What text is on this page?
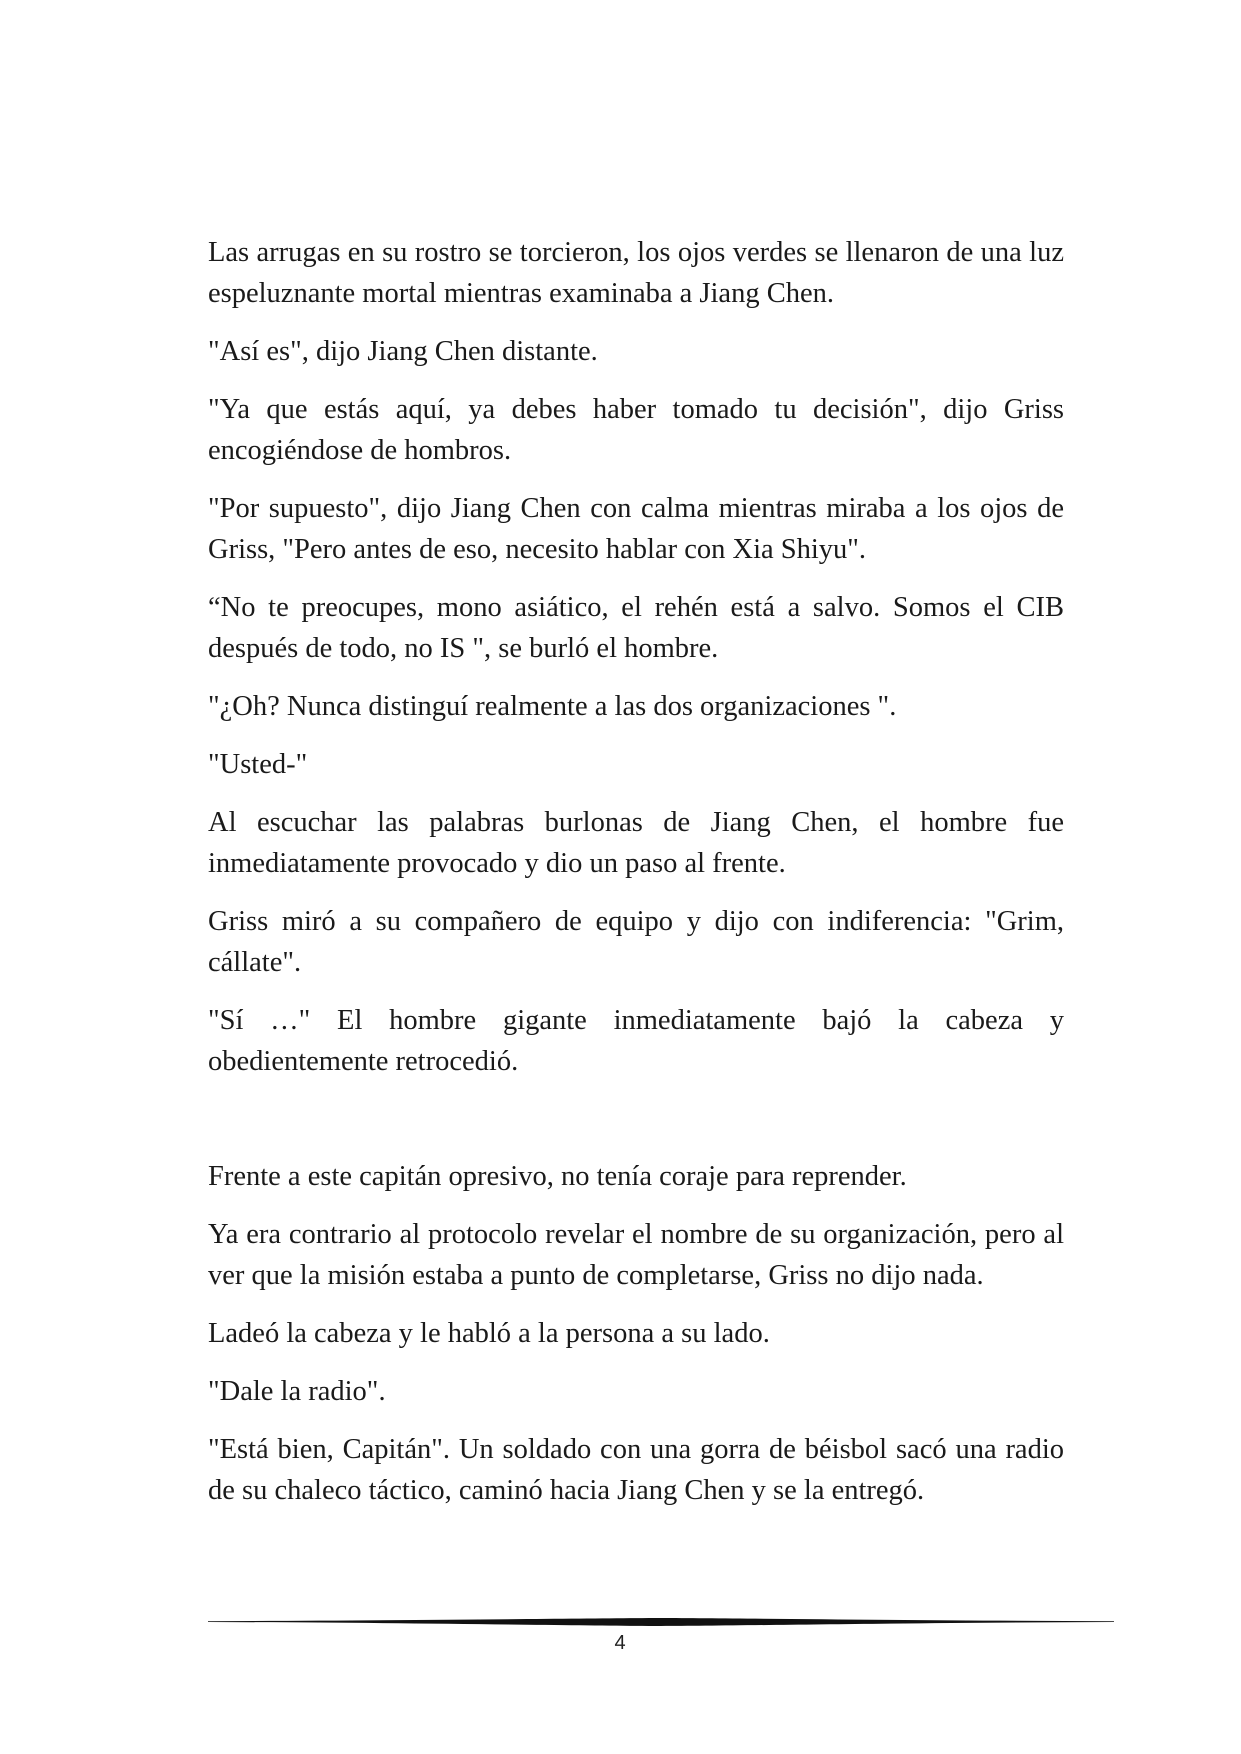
Las arrugas en su rostro se torcieron, los ojos verdes se llenaron de una luz espeluznante mortal mientras examinaba a Jiang Chen.

"Así es", dijo Jiang Chen distante.

"Ya que estás aquí, ya debes haber tomado tu decisión", dijo Griss encogiéndose de hombros.

"Por supuesto", dijo Jiang Chen con calma mientras miraba a los ojos de Griss, "Pero antes de eso, necesito hablar con Xia Shiyu".

“No te preocupes, mono asiático, el rehén está a salvo. Somos el CIB después de todo, no IS ", se burló el hombre.

"¿Oh? Nunca distinguí realmente a las dos organizaciones ".

"Usted-"

Al escuchar las palabras burlonas de Jiang Chen, el hombre fue inmediatamente provocado y dio un paso al frente.

Griss miró a su compañero de equipo y dijo con indiferencia: "Grim, cállate".

"Sí …" El hombre gigante inmediatamente bajó la cabeza y obedientemente retrocedió.

Frente a este capitán opresivo, no tenía coraje para reprender.

Ya era contrario al protocolo revelar el nombre de su organización, pero al ver que la misión estaba a punto de completarse, Griss no dijo nada.

Ladeó la cabeza y le habló a la persona a su lado.

"Dale la radio".

"Está bien, Capitán". Un soldado con una gorra de béisbol sacó una radio de su chaleco táctico, caminó hacia Jiang Chen y se la entregó.

4
